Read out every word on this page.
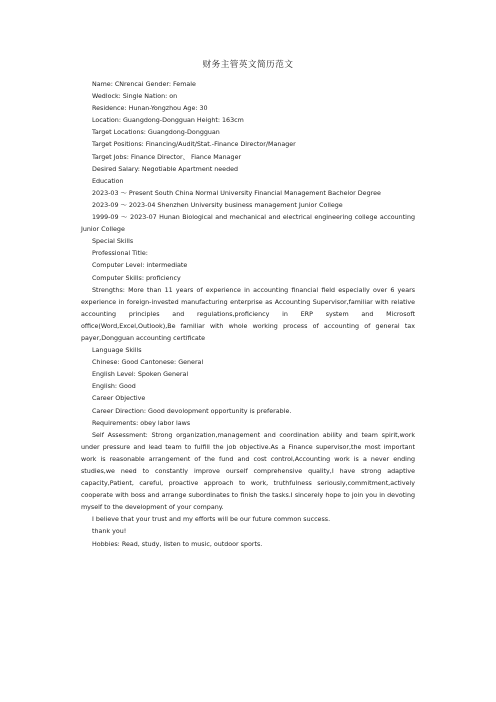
财务主管英文简历范文

Name: CNrencai Gender: Female

Wedlock: Single Nation: on

Residence: Hunan-Yongzhou Age: 30

Location: Guangdong-Dongguan Height: 163cm

Target Locations: Guangdong-Dongguan

Target Positions: Financing/Audit/Stat.-Finance Director/Manager

Target Jobs: Finance Director、 Fiance Manager

Desired Salary: Negotiable Apartment needed

Education

2023-03 ～ Present South China Normal University Financial Management Bachelor Degree

2023-09 ～ 2023-04 Shenzhen University business management Junior College

1999-09 ～ 2023-07 Hunan Biological and mechanical and electrical engineering college accounting Junior College

Special Skills

Professional Title:

Computer Level: intermediate

Computer Skills: proficiency

Strengths: More than 11 years of experience in accounting financial field especially over 6 years experience in foreign-invested manufacturing enterprise as Accounting Supervisor,familiar with relative accounting principles and regulations,proficiency in ERP system and Microsoft office(Word,Excel,Outlook),Be familiar with whole working process of accounting of general tax payer,Dongguan accounting certificate

Language Skills

Chinese: Good Cantonese: General

English Level: Spoken General

English: Good

Career Objective

Career Direction: Good devolopment opportunity is preferable.

Requirements: obey labor laws

Self Assessment: Strong organization,management and coordination ability and team spirit,work under pressure and lead team to fulfill the job objective.As a Finance supervisor,the most important work is reasonable arrangement of the fund and cost control,Accounting work is a never ending studies,we need to constantly improve ourself comprehensive quality,I have strong adaptive capacity,Patient, careful, proactive approach to work, truthfulness seriously,commitment,actively cooperate with boss and arrange subordinates to finish the tasks.I sincerely hope to join you in devoting myself to the development of your company.

I believe that your trust and my efforts will be our future common success.

thank you!

Hobbies: Read, study, listen to music, outdoor sports.
